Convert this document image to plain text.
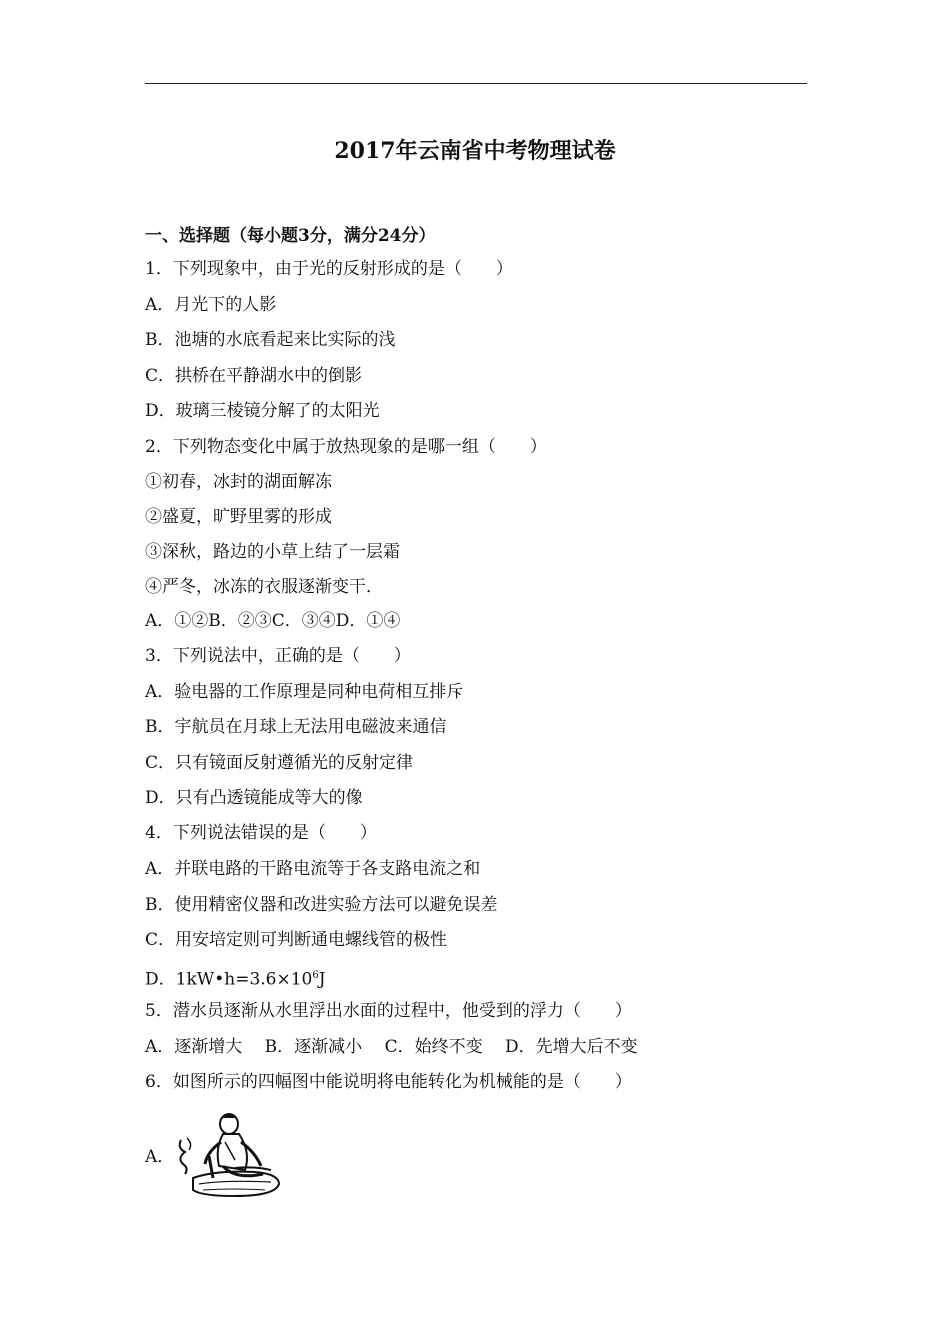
2017年云南省中考物理试卷
一、选择题（每小题3分，满分24分）
1．下列现象中，由于光的反射形成的是（　　）
A．月光下的人影
B．池塘的水底看起来比实际的浅
C．拱桥在平静湖水中的倒影
D．玻璃三棱镜分解了的太阳光
2．下列物态变化中属于放热现象的是哪一组（　　）
①初春，冰封的湖面解冻
②盛夏，旷野里雾的形成
③深秋，路边的小草上结了一层霜
④严冬，冰冻的衣服逐渐变干．
A．①②B．②③C．③④D．①④
3．下列说法中，正确的是（　　）
A．验电器的工作原理是同种电荷相互排斥
B．宇航员在月球上无法用电磁波来通信
C．只有镜面反射遵循光的反射定律
D．只有凸透镜能成等大的像
4．下列说法错误的是（　　）
A．并联电路的干路电流等于各支路电流之和
B．使用精密仪器和改进实验方法可以避免误差
C．用安培定则可判断通电螺线管的极性
D．$1kW•h=3.6\times 10^6J$
5．潜水员逐渐从水里浮出水面的过程中，他受到的浮力（　　）
A．逐渐增大　 B．逐渐减小　 C．始终不变　 D．先增大后不变
6．如图所示的四幅图中能说明将电能转化为机械能的是（　　）
A．
